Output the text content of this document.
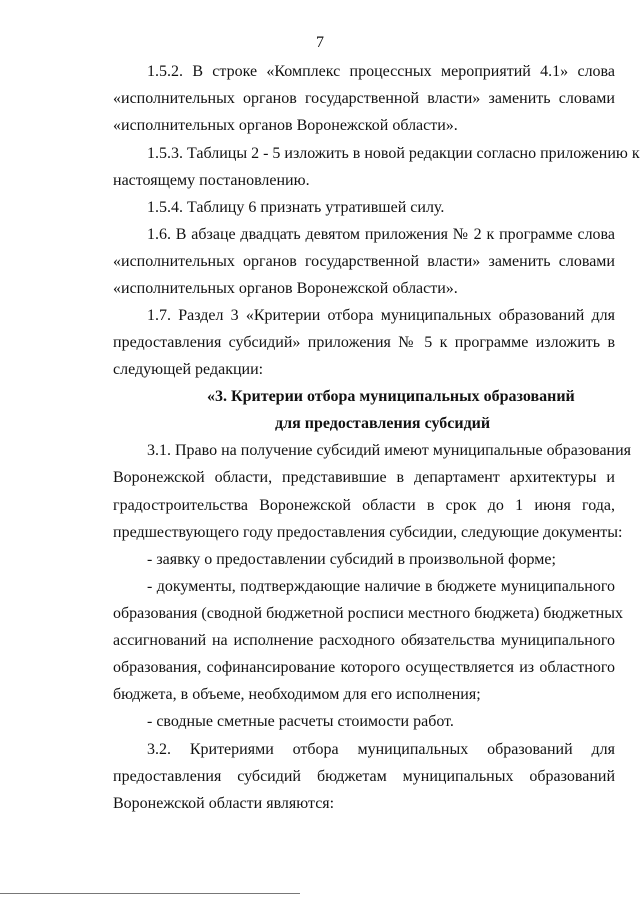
7
1.5.2. В строке «Комплекс процессных мероприятий 4.1» слова
«исполнительных органов государственной власти» заменить словами
«исполнительных органов Воронежской области».
1.5.3. Таблицы 2 - 5 изложить в новой редакции согласно приложению к
настоящему постановлению.
1.5.4. Таблицу 6 признать утратившей силу.
1.6. В абзаце двадцать девятом приложения № 2 к программе слова
«исполнительных органов государственной власти» заменить словами
«исполнительных органов Воронежской области».
1.7. Раздел 3 «Критерии отбора муниципальных образований для
предоставления субсидий» приложения № 5 к программе изложить в
следующей редакции:
«3. Критерии отбора муниципальных образований
для предоставления субсидий
3.1. Право на получение субсидий имеют муниципальные образования
Воронежской области, представившие в департамент архитектуры и
градостроительства Воронежской области в срок до 1 июня года,
предшествующего году предоставления субсидии, следующие документы:
- заявку о предоставлении субсидий в произвольной форме;
- документы, подтверждающие наличие в бюджете муниципального
образования (сводной бюджетной росписи местного бюджета) бюджетных
ассигнований на исполнение расходного обязательства муниципального
образования, софинансирование которого осуществляется из областного
бюджета, в объеме, необходимом для его исполнения;
- сводные сметные расчеты стоимости работ.
3.2. Критериями отбора муниципальных образований для
предоставления субсидий бюджетам муниципальных образований
Воронежской области являются:
